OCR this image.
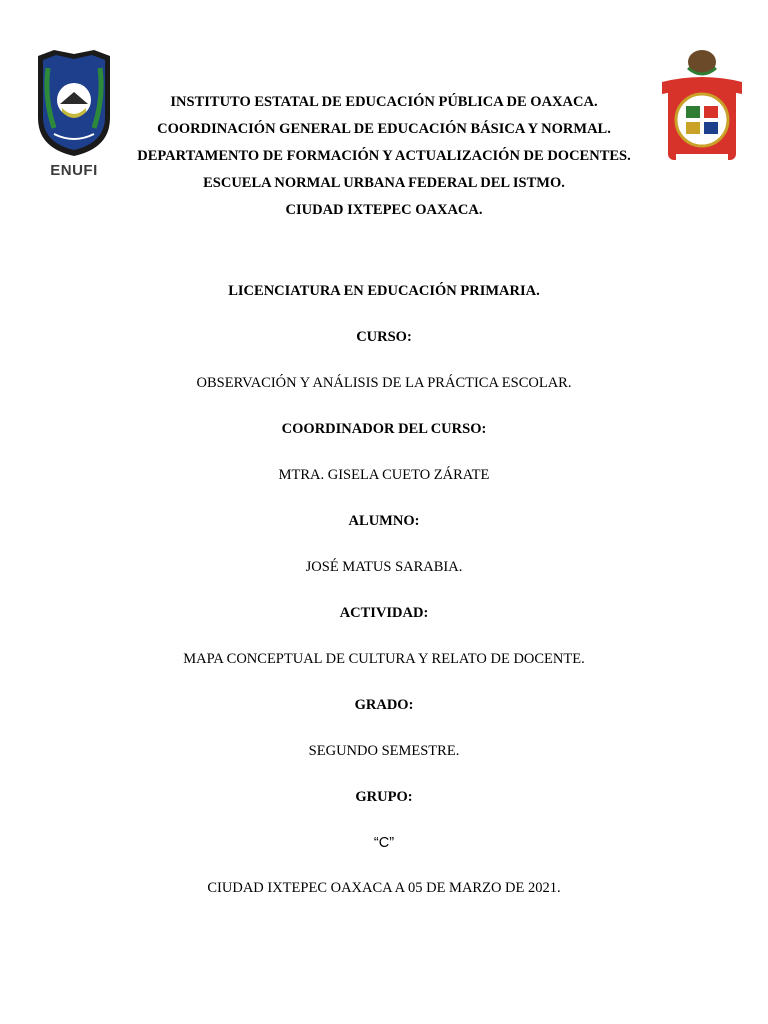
ENUFI
INSTITUTO ESTATAL DE EDUCACIÓN PÚBLICA DE OAXACA.
COORDINACIÓN GENERAL DE EDUCACIÓN BÁSICA Y NORMAL.
DEPARTAMENTO DE FORMACIÓN Y ACTUALIZACIÓN DE DOCENTES.
ESCUELA NORMAL URBANA FEDERAL DEL ISTMO.
CIUDAD IXTEPEC OAXACA.
LICENCIATURA EN EDUCACIÓN PRIMARIA.
CURSO:
OBSERVACIÓN Y ANÁLISIS DE LA PRÁCTICA ESCOLAR.
COORDINADOR DEL CURSO:
MTRA. GISELA CUETO ZÁRATE
ALUMNO:
JOSÉ MATUS SARABIA.
ACTIVIDAD:
MAPA CONCEPTUAL DE CULTURA Y RELATO DE DOCENTE.
GRADO:
SEGUNDO SEMESTRE.
GRUPO:
“C”
CIUDAD IXTEPEC OAXACA A 05 DE MARZO DE 2021.
